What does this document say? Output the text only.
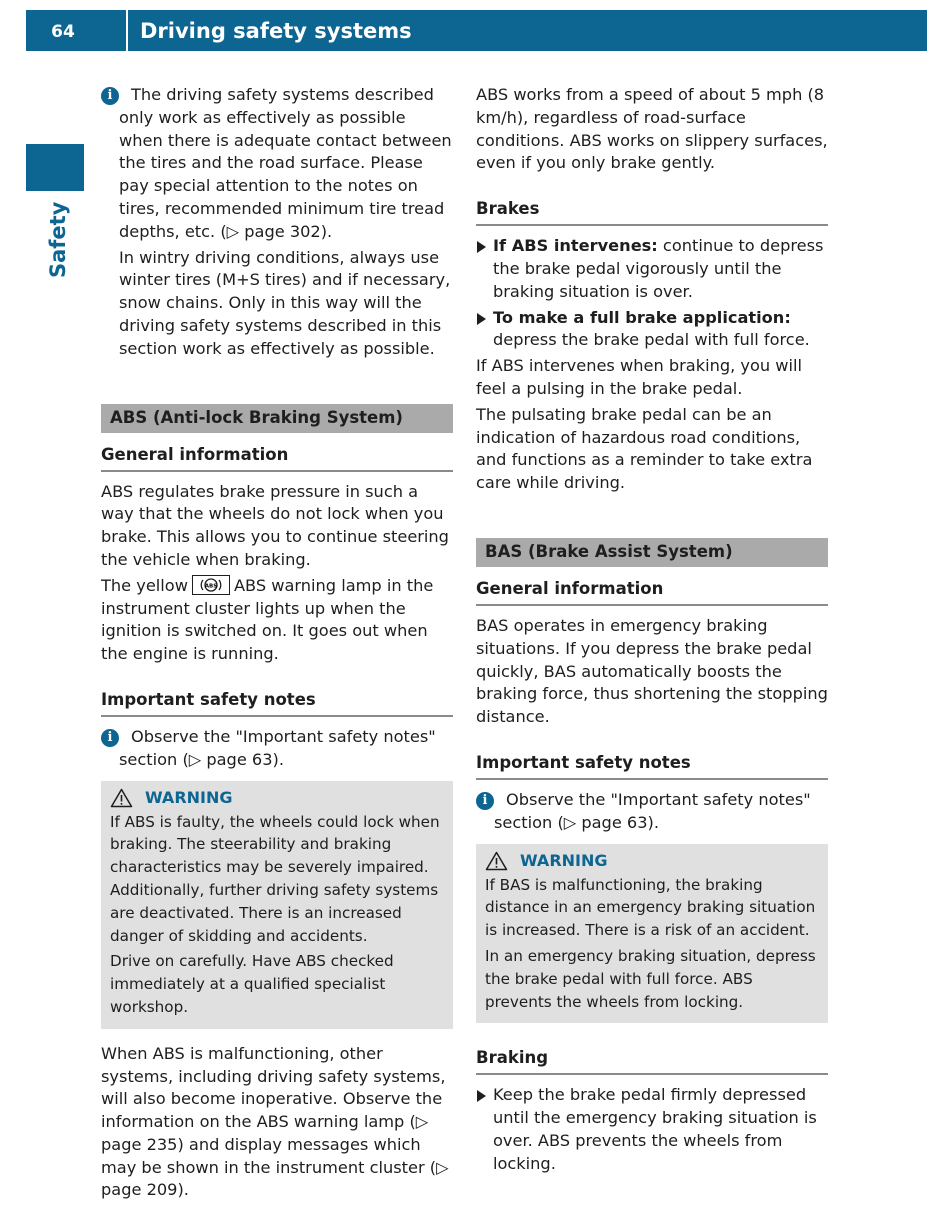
64	Driving safety systems
Safety
i	The driving safety systems described only work as effectively as possible when there is adequate contact between the tires and the road surface. Please pay special attention to the notes on tires, recommended minimum tire tread depths, etc. (▷ page 302).

In wintry driving conditions, always use winter tires (M+S tires) and if necessary, snow chains. Only in this way will the driving safety systems described in this section work as effectively as possible.

ABS (Anti-lock Braking System)
General information

ABS regulates brake pressure in such a way that the wheels do not lock when you brake. This allows you to continue steering the vehicle when braking.

The yellow	ABS ABS warning lamp in the instrument cluster lights up when the ignition is switched on. It goes out when the engine is running.

Important safety notes
i	Observe the "Important safety notes" section (▷ page 63).

WARNING

If ABS is faulty, the wheels could lock when braking. The steerability and braking characteristics may be severely impaired. Additionally, further driving safety systems are deactivated. There is an increased danger of skidding and accidents.

Drive on carefully. Have ABS checked immediately at a qualified specialist workshop.

When ABS is malfunctioning, other systems, including driving safety systems, will also become inoperative. Observe the information on the ABS warning lamp (▷ page 235) and display messages which may be shown in the instrument cluster (▷ page 209).

ABS works from a speed of about 5 mph (8 km/h), regardless of road-surface conditions. ABS works on slippery surfaces, even if you only brake gently.

Brakes

If ABS intervenes: continue to depress the brake pedal vigorously until the braking situation is over.

To make a full brake application: depress the brake pedal with full force.

If ABS intervenes when braking, you will feel a pulsing in the brake pedal.

The pulsating brake pedal can be an indication of hazardous road conditions, and functions as a reminder to take extra care while driving.

BAS (Brake Assist System)
General information

BAS operates in emergency braking situations. If you depress the brake pedal quickly, BAS automatically boosts the braking force, thus shortening the stopping distance.

Important safety notes
i	Observe the "Important safety notes" section (▷ page 63).

WARNING

If BAS is malfunctioning, the braking distance in an emergency braking situation is increased. There is a risk of an accident.

In an emergency braking situation, depress the brake pedal with full force. ABS prevents the wheels from locking.

Braking

Keep the brake pedal firmly depressed until the emergency braking situation is over. ABS prevents the wheels from locking.
